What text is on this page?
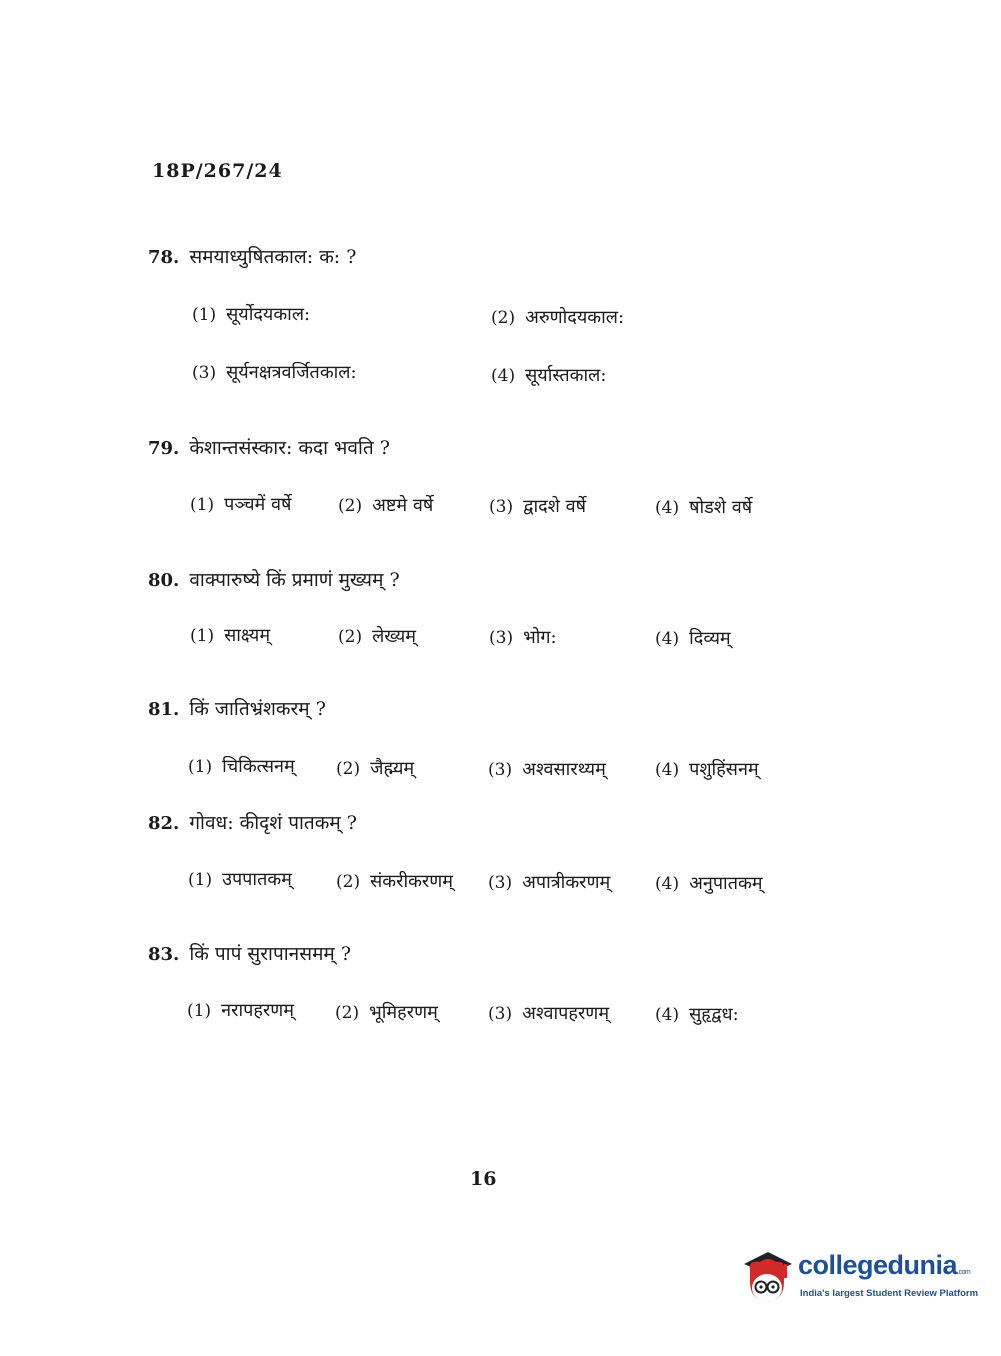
18P/267/24
78. समयाध्युषितकाल: क: ?
(1) सूर्योदयकाल:	(2) अरुणोदयकाल:
(3) सूर्यनक्षत्रवर्जितकाल:	(4) सूर्यास्तकाल:
79. केशान्तसंस्कार: कदा भवति ?
(1) पञ्चमें वर्षे	(2) अष्टमे वर्षे	(3) द्वादशे वर्षे	(4) षोडशे वर्षे
80. वाक्पारुष्ये किं प्रमाणं मुख्यम् ?
(1) साक्ष्यम्	(2) लेख्यम्	(3) भोग:	(4) दिव्यम्
81. किं जातिभ्रंशकरम् ?
(1) चिकित्सनम् (2) जैह्म्यम्	(3) अश्वसारथ्यम्	(4) पशुहिंसनम्
82. गोवध: कीदृशं पातकम् ?
(1) उपपातकम्	(2) संकरीकरणम् (3) अपात्रीकरणम्	(4) अनुपातकम्
83. किं पापं सुरापानसमम् ?
(1) नरापहरणम् (2) भूमिहरणम्	(3) अश्वापहरणम्	(4) सुहृद्वध:
16
collegedunia.com
India's largest Student Review Platform
